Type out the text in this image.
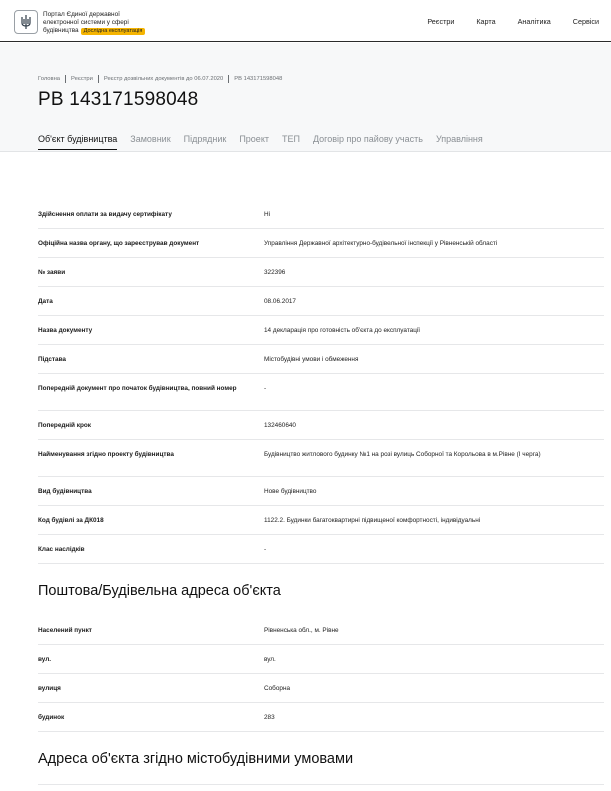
Портал Єдиної державної
електронної системи у сфері
будівництва Дослідна експлуатація
Реєстри	Карта	Аналітика	Сервіси
Головна Реєстри Реєстр дозвільних документів до 06.07.2020 РВ 143171598048
РВ 143171598048
Об'єкт будівництва Замовник Підрядник Проект ТЕП Договір про пайову участь Управління
Здійснення оплати за видачу сертифікату	Ні
Офіційна назва органу, що зареєстрував документ	Управління Державної архітектурно-будівельної інспекції у Рівненській області
№ заяви	322396
Дата	08.06.2017
Назва документу	14 декларація про готовність об'єкта до експлуатації
Підстава	Містобудівні умови і обмеження
Попередній документ про початок будівництва, повний номер	-
Попередній крок	132460640
Найменування згідно проекту будівництва	Будівництво житлового будинку №1 на розі вулиць Соборної та Корольова в м.Рівне (І черга)
Вид будівництва	Нове будівництво
Код будівлі за ДК018	1122.2. Будинки багатоквартирні підвищеної комфортності, індивідуальні
Клас наслідків	-
Поштова/Будівельна адреса об'єкта
Населений пункт	Рівненська обл., м. Рівне
вул.	вул.
вулиця	Соборна
будинок	283
Адреса об'єкта згідно містобудівними умовами
